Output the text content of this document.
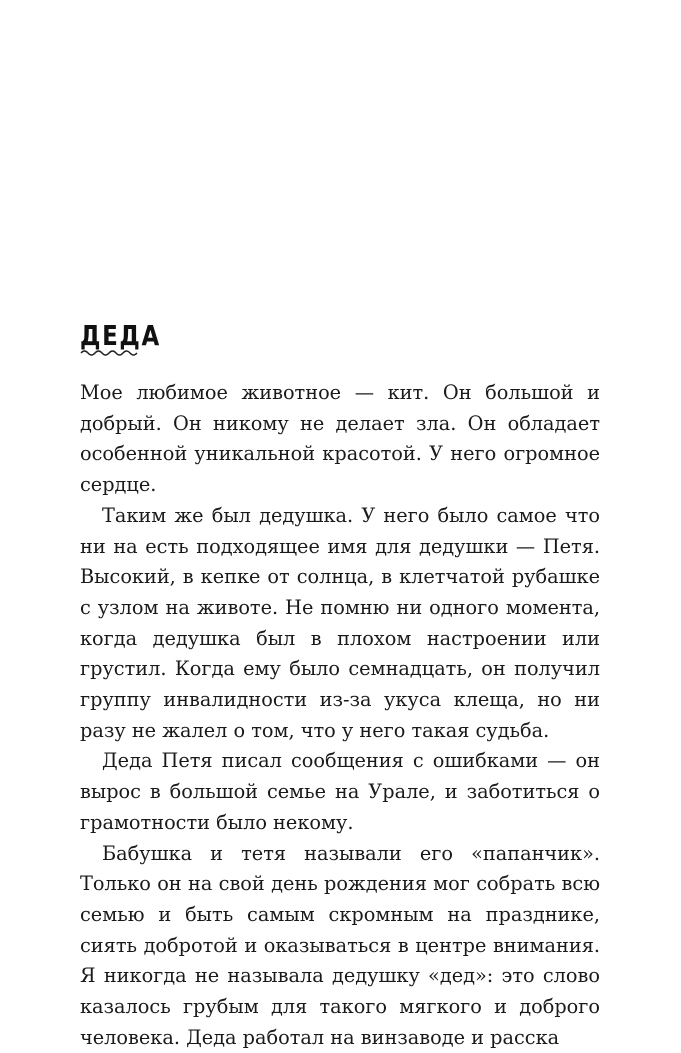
ДЕДА

Мое любимое животное — кит. Он большой и добрый. Он никому не делает зла. Он обладает особенной уникальной красотой. У него огромное сердце.

Таким же был дедушка. У него было самое что ни на есть подходящее имя для дедушки — Петя. Высокий, в кепке от солнца, в клетчатой рубашке с узлом на животе. Не помню ни одного момента, когда дедушка был в плохом настроении или грустил. Когда ему было семнадцать, он получил группу инвалидности из-за укуса клеща, но ни разу не жалел о том, что у него такая судьба.

Деда Петя писал сообщения с ошибками — он вырос в большой семье на Урале, и заботиться о грамотности было некому.

Бабушка и тетя называли его «папанчик». Только он на свой день рождения мог собрать всю семью и быть самым скромным на празднике, сиять добротой и оказываться в центре внимания. Я никогда не называла дедушку «дед»: это слово казалось грубым для такого мягкого и доброго человека. Деда работал на винзаводе и расска
